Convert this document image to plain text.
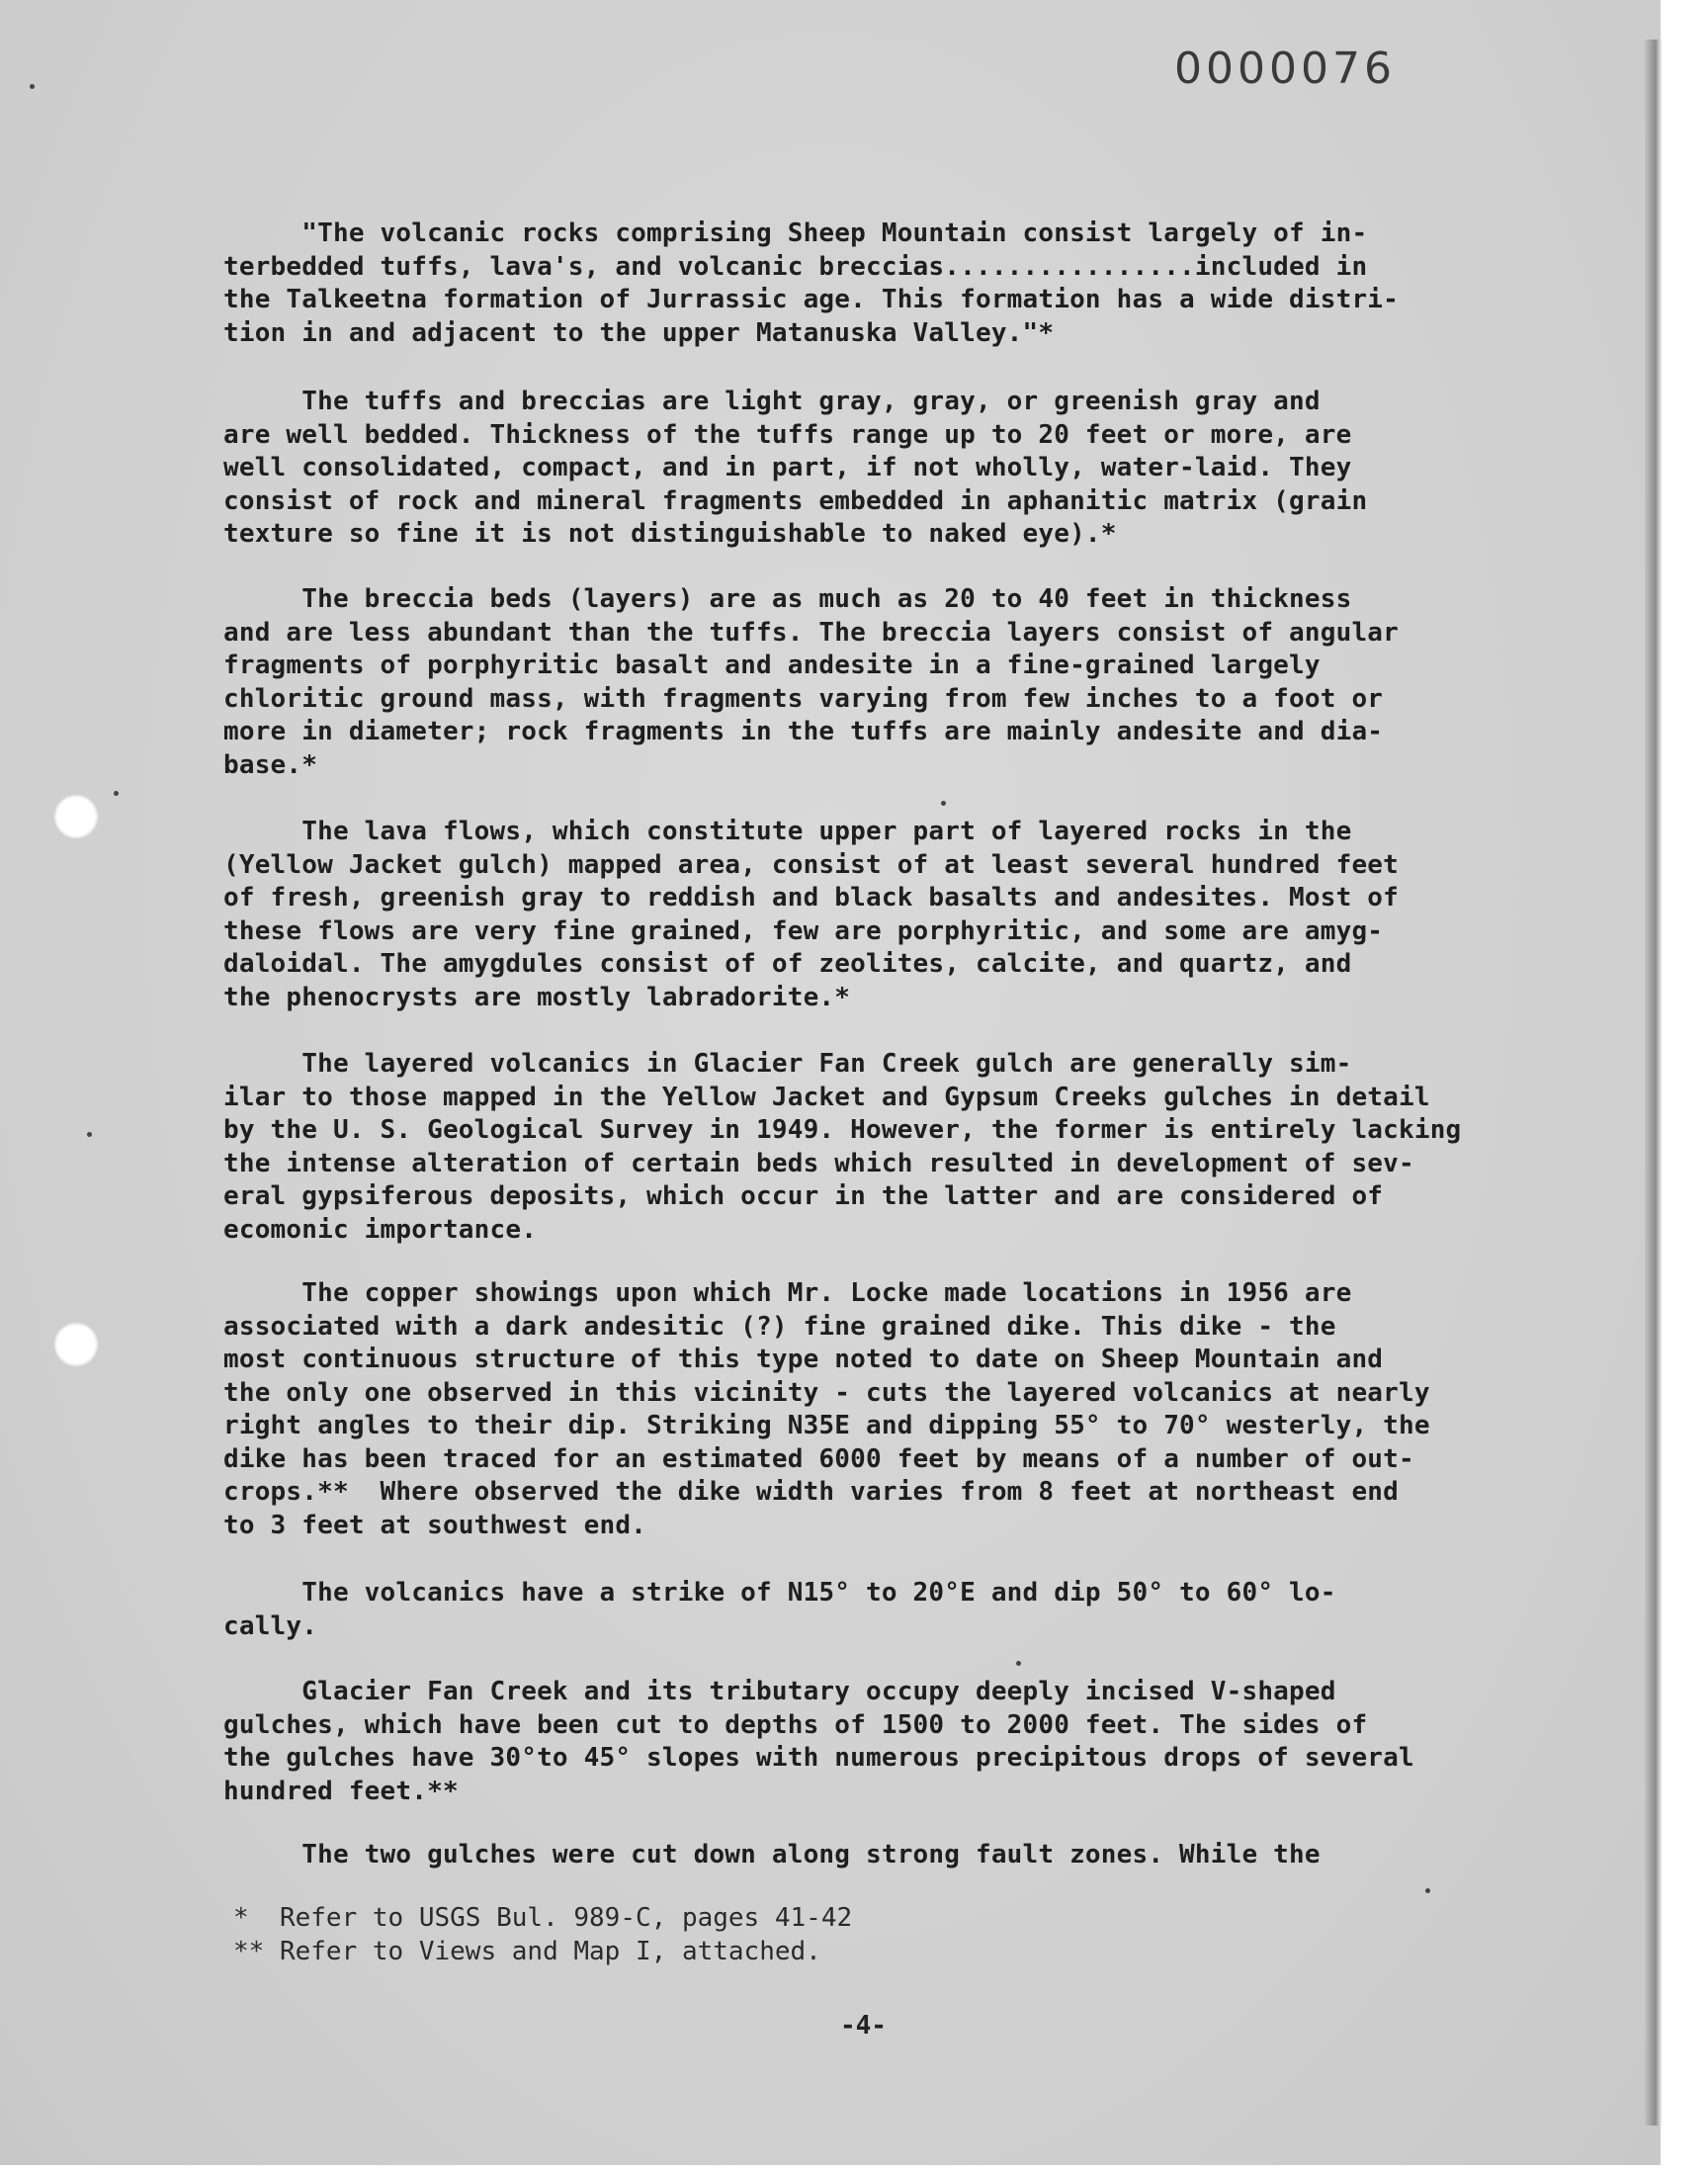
0000076
"The volcanic rocks comprising Sheep Mountain consist largely of in-
terbedded tuffs, lava's, and volcanic breccias................included in
the Talkeetna formation of Jurrassic age. This formation has a wide distri-
tion in and adjacent to the upper Matanuska Valley."*
The tuffs and breccias are light gray, gray, or greenish gray and
are well bedded. Thickness of the tuffs range up to 20 feet or more, are
well consolidated, compact, and in part, if not wholly, water-laid. They
consist of rock and mineral fragments embedded in aphanitic matrix (grain
texture so fine it is not distinguishable to naked eye).*
The breccia beds (layers) are as much as 20 to 40 feet in thickness
and are less abundant than the tuffs. The breccia layers consist of angular
fragments of porphyritic basalt and andesite in a fine-grained largely
chloritic ground mass, with fragments varying from few inches to a foot or
more in diameter; rock fragments in the tuffs are mainly andesite and dia-
base.*
The lava flows, which constitute upper part of layered rocks in the
(Yellow Jacket gulch) mapped area, consist of at least several hundred feet
of fresh, greenish gray to reddish and black basalts and andesites. Most of
these flows are very fine grained, few are porphyritic, and some are amyg-
daloidal. The amygdules consist of of zeolites, calcite, and quartz, and
the phenocrysts are mostly labradorite.*
The layered volcanics in Glacier Fan Creek gulch are generally sim-
ilar to those mapped in the Yellow Jacket and Gypsum Creeks gulches in detail
by the U. S. Geological Survey in 1949. However, the former is entirely lacking
the intense alteration of certain beds which resulted in development of sev-
eral gypsiferous deposits, which occur in the latter and are considered of
ecomonic importance.
The copper showings upon which Mr. Locke made locations in 1956 are
associated with a dark andesitic (?) fine grained dike. This dike - the
most continuous structure of this type noted to date on Sheep Mountain and
the only one observed in this vicinity - cuts the layered volcanics at nearly
right angles to their dip. Striking N35E and dipping 55° to 70° westerly, the
dike has been traced for an estimated 6000 feet by means of a number of out-
crops.**  Where observed the dike width varies from 8 feet at northeast end
to 3 feet at southwest end.
The volcanics have a strike of N15° to 20°E and dip 50° to 60° lo-
cally.
Glacier Fan Creek and its tributary occupy deeply incised V-shaped
gulches, which have been cut to depths of 1500 to 2000 feet. The sides of
the gulches have 30°to 45° slopes with numerous precipitous drops of several
hundred feet.**
The two gulches were cut down along strong fault zones. While the
*  Refer to USGS Bul. 989-C, pages 41-42
** Refer to Views and Map I, attached.
-4-
